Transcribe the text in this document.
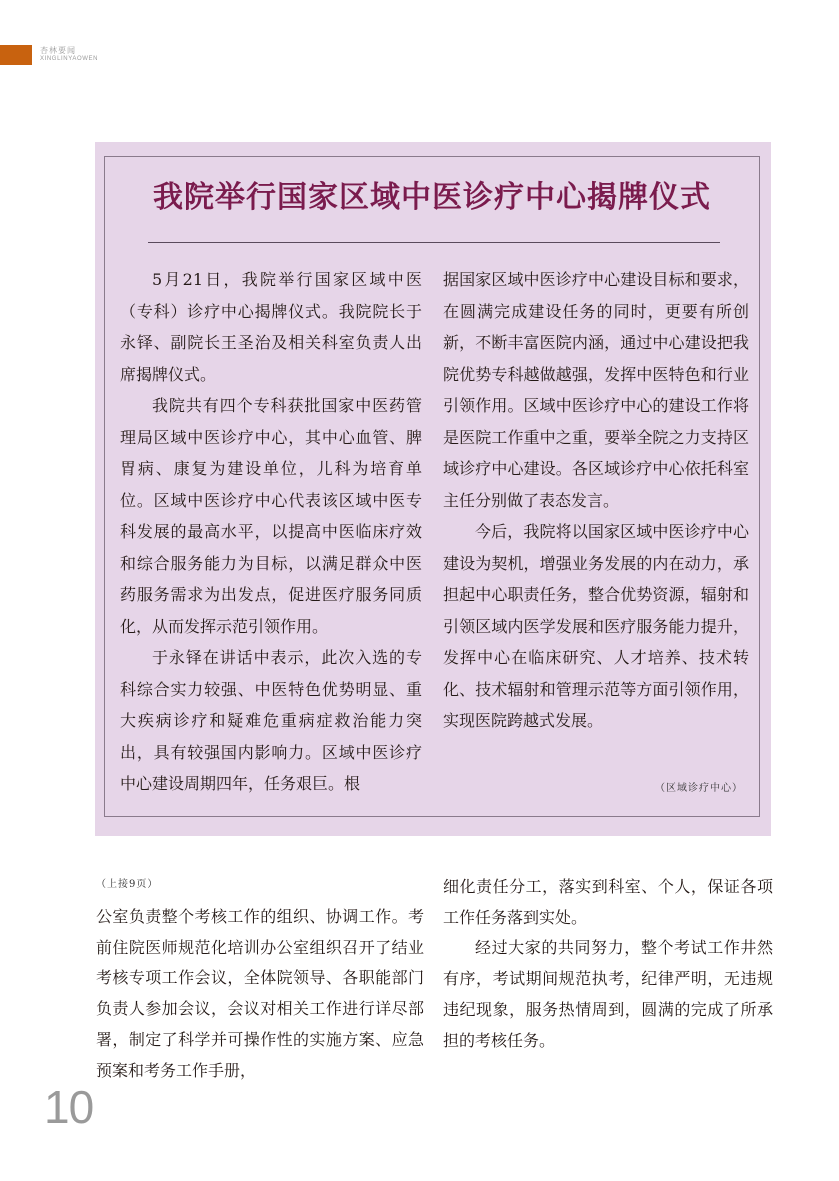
杏林要闻
XINGLINYAOWEN
我院举行国家区域中医诊疗中心揭牌仪式

5月21日，我院举行国家区域中医（专科）诊疗中心揭牌仪式。我院院长于永铎、副院长王圣治及相关科室负责人出席揭牌仪式。

我院共有四个专科获批国家中医药管理局区域中医诊疗中心，其中心血管、脾胃病、康复为建设单位，儿科为培育单位。区域中医诊疗中心代表该区域中医专科发展的最高水平，以提高中医临床疗效和综合服务能力为目标，以满足群众中医药服务需求为出发点，促进医疗服务同质化，从而发挥示范引领作用。

于永铎在讲话中表示，此次入选的专科综合实力较强、中医特色优势明显、重大疾病诊疗和疑难危重病症救治能力突出，具有较强国内影响力。区域中医诊疗中心建设周期四年，任务艰巨。根

据国家区域中医诊疗中心建设目标和要求，在圆满完成建设任务的同时，更要有所创新，不断丰富医院内涵，通过中心建设把我院优势专科越做越强，发挥中医特色和行业引领作用。区域中医诊疗中心的建设工作将是医院工作重中之重，要举全院之力支持区域诊疗中心建设。各区域诊疗中心依托科室主任分别做了表态发言。

今后，我院将以国家区域中医诊疗中心建设为契机，增强业务发展的内在动力，承担起中心职责任务，整合优势资源，辐射和引领区域内医学发展和医疗服务能力提升，发挥中心在临床研究、人才培养、技术转化、技术辐射和管理示范等方面引领作用，实现医院跨越式发展。

（区域诊疗中心）
（上接9页）

公室负责整个考核工作的组织、协调工作。考前住院医师规范化培训办公室组织召开了结业考核专项工作会议，全体院领导、各职能部门负责人参加会议，会议对相关工作进行详尽部署，制定了科学并可操作性的实施方案、应急预案和考务工作手册，

细化责任分工，落实到科室、个人，保证各项工作任务落到实处。

经过大家的共同努力，整个考试工作井然有序，考试期间规范执考，纪律严明，无违规违纪现象，服务热情周到，圆满的完成了所承担的考核任务。

10
